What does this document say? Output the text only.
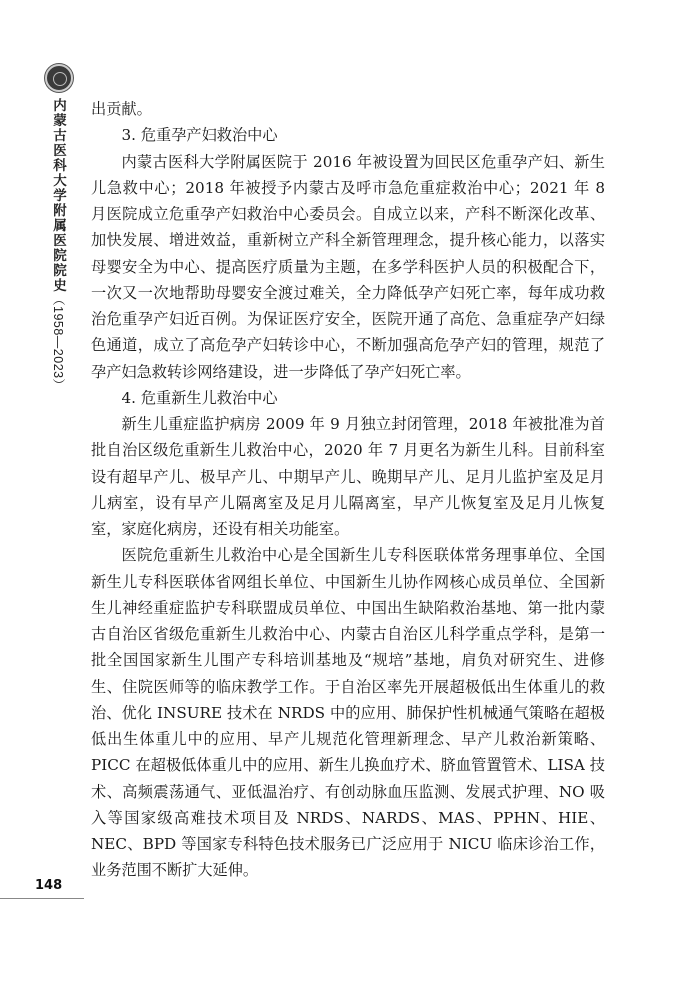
内蒙古医科大学附属医院院史（1958—2023）
148

出贡献。

3. 危重孕产妇救治中心

内蒙古医科大学附属医院于 2016 年被设置为回民区危重孕产妇、新生儿急救中心；2018 年被授予内蒙古及呼市急危重症救治中心；2021 年 8 月医院成立危重孕产妇救治中心委员会。自成立以来，产科不断深化改革、加快发展、增进效益，重新树立产科全新管理理念，提升核心能力，以落实母婴安全为中心、提高医疗质量为主题，在多学科医护人员的积极配合下，一次又一次地帮助母婴安全渡过难关，全力降低孕产妇死亡率，每年成功救治危重孕产妇近百例。为保证医疗安全，医院开通了高危、急重症孕产妇绿色通道，成立了高危孕产妇转诊中心，不断加强高危孕产妇的管理，规范了孕产妇急救转诊网络建设，进一步降低了孕产妇死亡率。

4. 危重新生儿救治中心

新生儿重症监护病房 2009 年 9 月独立封闭管理，2018 年被批准为首批自治区级危重新生儿救治中心，2020 年 7 月更名为新生儿科。目前科室设有超早产儿、极早产儿、中期早产儿、晚期早产儿、足月儿监护室及足月儿病室，设有早产儿隔离室及足月儿隔离室，早产儿恢复室及足月儿恢复室，家庭化病房，还设有相关功能室。

医院危重新生儿救治中心是全国新生儿专科医联体常务理事单位、全国新生儿专科医联体省网组长单位、中国新生儿协作网核心成员单位、全国新生儿神经重症监护专科联盟成员单位、中国出生缺陷救治基地、第一批内蒙古自治区省级危重新生儿救治中心、内蒙古自治区儿科学重点学科，是第一批全国国家新生儿围产专科培训基地及“规培”基地，肩负对研究生、进修生、住院医师等的临床教学工作。于自治区率先开展超极低出生体重儿的救治、优化 INSURE 技术在 NRDS 中的应用、肺保护性机械通气策略在超极低出生体重儿中的应用、早产儿规范化管理新理念、早产儿救治新策略、PICC 在超极低体重儿中的应用、新生儿换血疗术、脐血管置管术、LISA 技术、高频震荡通气、亚低温治疗、有创动脉血压监测、发展式护理、NO 吸入等国家级高难技术项目及 NRDS、NARDS、MAS、PPHN、HIE、NEC、BPD 等国家专科特色技术服务已广泛应用于 NICU 临床诊治工作，业务范围不断扩大延伸。
